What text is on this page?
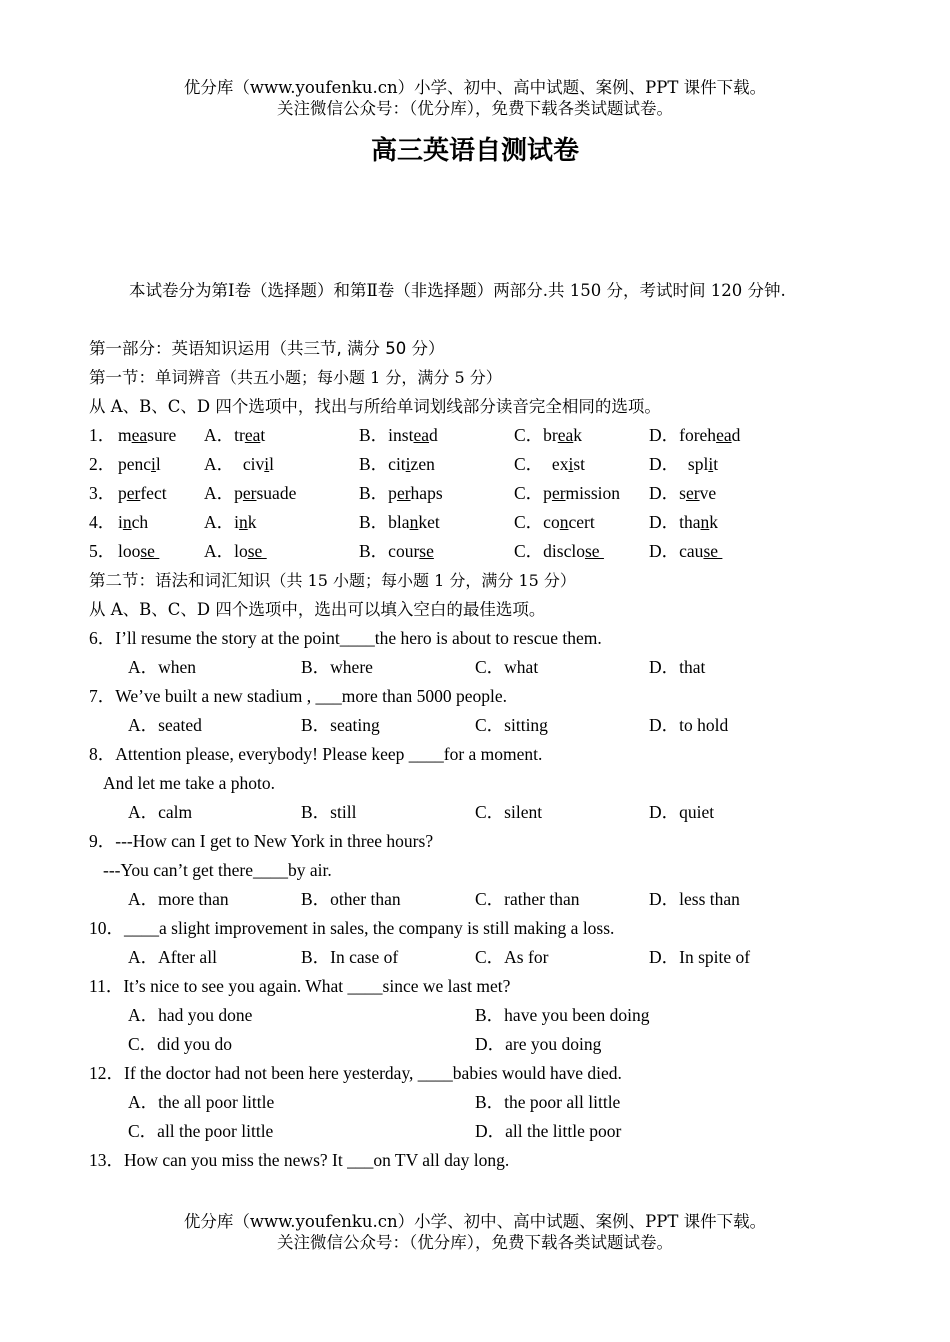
优分库（www.youfenku.cn）小学、初中、高中试题、案例、PPT 课件下载。
关注微信公众号：（优分库），免费下载各类试题试卷。
高三英语自测试卷

本试卷分为第Ⅰ卷（选择题）和第Ⅱ卷（非选择题）两部分.共 150 分，考试时间 120 分钟.

第一部分：英语知识运用（共三节, 满分 50 分）
第一节：单词辨音（共五小题；每小题 1 分，满分 5 分）
从 A、B、C、D 四个选项中，找出与所给单词划线部分读音完全相同的选项。
1． measure A．treat	B．instead	C．break	D．forehead
2． pencil A．  civil	B．citizen	C．  exist	D．  split
3． perfect A．persuade	B．perhaps	C．permission D．serve
4． inch	A．ink	B．blanket	C．concert	D．thank
5． loose	A．lose	B．course	C．disclose	D．cause
第二节：语法和词汇知识（共 15 小题；每小题 1 分，满分 15 分）
从 A、B、C、D 四个选项中，选出可以填入空白的最佳选项。
6．I’ll resume the story at the point____the hero is about to rescue them.
A．when	B．where	C．what	D．that
7．We’ve built a new stadium , ___more than 5000 people.
A．seated	B．seating	C．sitting	D．to hold
8．Attention please, everybody! Please keep ____for a moment.
And let me take a photo.
A．calm	B．still	C．silent	D．quiet
9．---How can I get to New York in three hours?
---You can’t get there____by air.
A．more than	B．other than	C．rather than	D．less than
10．____a slight improvement in sales, the company is still making a loss.
A．After all	B．In case of	C．As for	D．In spite of
11．It’s nice to see you again. What ____since we last met?
A．had you done	B．have you been doing
C．did you do	D．are you doing
12．If the doctor had not been here yesterday, ____babies would have died.
A．the all poor little	B．the poor all little
C．all the poor little	D．all the little poor
13．How can you miss the news? It ___on TV all day long.
优分库（www.youfenku.cn）小学、初中、高中试题、案例、PPT 课件下载。
关注微信公众号：（优分库），免费下载各类试题试卷。
